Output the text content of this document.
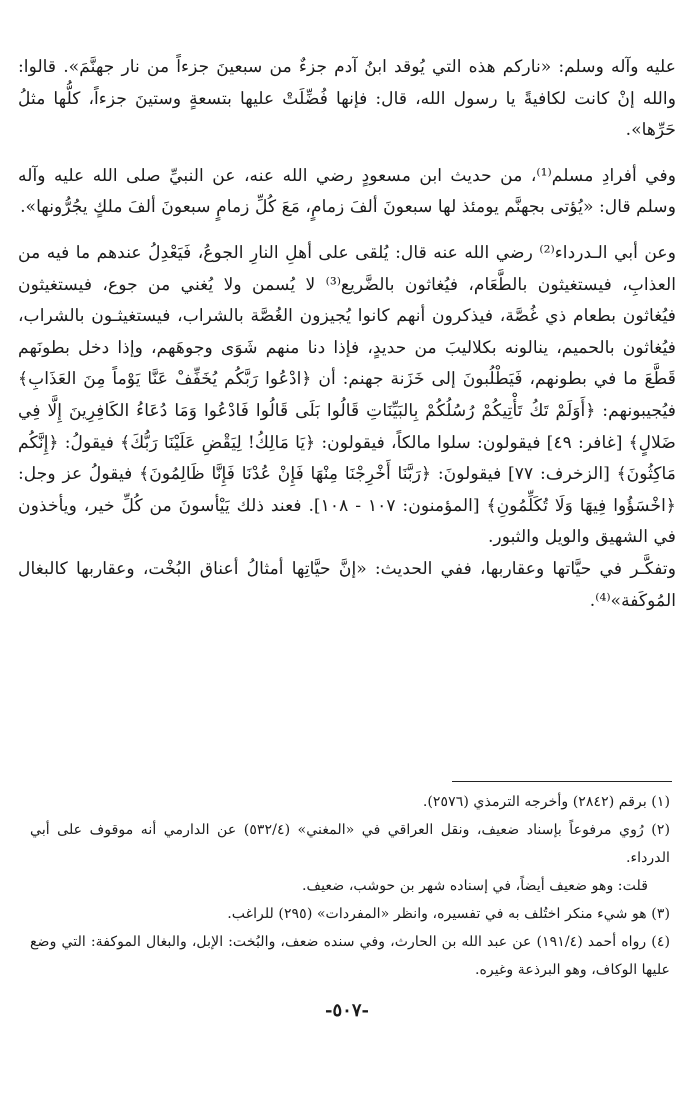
عليه وآله وسلم: «ناركم هذه التي يُوقد ابنُ آدم جزءٌ من سبعينَ جزءاً من نار جهنَّمَ». قالوا: والله إنْ كانت لكافيةً يا رسول الله، قال: فإنها فُضِّلَتْ عليها بتسعةٍ وستينَ جزءاً، كلُّها مثلُ حَرِّها».

وفي أفرادِ مسلم⁽¹⁾، من حديث ابن مسعودٍ رضي الله عنه، عن النبيِّ صلى الله عليه وآله وسلم قال: «يُؤتى بجهنَّم يومئذ لها سبعونَ ألفَ زمامٍ، مَعَ كُلِّ زمامٍ سبعونَ ألفَ ملكٍ يجُرُّونها».

وعن أبي الـدرداء⁽²⁾ رضي الله عنه قال: يُلقى على أهلِ النارِ الجوعُ، فَيَعْدِلُ عندهم ما فيه من العذابِ، فيستغيثون بالطَّعَام، فيُغاثون بالضَّريع⁽³⁾ لا يُسمن ولا يُغني من جوع، فيستغيثون فيُغاثون بطعام ذي غُصَّة، فيذكرون أنهم كانوا يُجيزون الغُصَّة بالشراب، فيستغيثـون بالشراب، فيُغاثون بالحميم، ينالونه بكلاليبَ من حديدٍ، فإذا دنا منهم شَوَى وجوهَهم، وإذا دخل بطونَهم قَطَّعَ ما في بطونهم، فَيَطْلُبونَ إلى خَزَنة جهنم: أن ﴿ادْعُوا رَبَّكُم يُخَفِّفْ عَنَّا يَوْماً مِنَ العَذَابِ﴾ فيُجيبونهم: ﴿أَوَلَمْ تَكُ تَأْتِيكُمْ رُسُلُكُمْ بِالبَيِّنَاتِ قَالُوا بَلَى قَالُوا فَادْعُوا وَمَا دُعَاءُ الكَافِرِينَ إِلَّا فِي ضَلالٍ﴾ [غافر: ٤٩] فيقولون: سلوا مالكاً، فيقولون: ﴿يَا مَالِكُ! لِيَقْضِ عَلَيْنَا رَبُّكَ﴾ فيقولُ: ﴿إِنَّكُم مَاكِثُونَ﴾ [الزخرف: ٧٧] فيقولونَ: ﴿رَبَّنَا أَخْرِجْنَا مِنْهَا فَإِنْ عُدْنَا فَإِنَّا ظَالِمُونَ﴾ فيقولُ عز وجل: ﴿اخْسَؤُوا فِيهَا وَلَا تُكَلِّمُونِ﴾ [المؤمنون: ١٠٧ - ١٠٨]. فعند ذلك يَيْأسونَ من كُلِّ خير، ويأخذون في الشهيق والويل والثبور.

وتفكَّـر في حيَّاتها وعقاربها، ففي الحديث: «إنَّ حيَّاتِها أمثالُ أعناق البُخْت، وعقاربها كالبغال المُوكَفة»⁽⁴⁾.

(١) برقم (٢٨٤٢) وأخرجه الترمذي (٢٥٧٦).

(٢) رُوي مرفوعاً بإسناد ضعيف، ونقل العراقي في «المغني» (٥٣٢/٤) عن الدارمي أنه موقوف على أبي الدرداء.

قلت: وهو ضعيف أيضاً، في إسناده شهر بن حوشب، ضعيف.

(٣) هو شيء منكر اختُلف به في تفسيره، وانظر «المفردات» (٢٩٥) للراغب.

(٤) رواه أحمد (١٩١/٤) عن عبد الله بن الحارث، وفي سنده ضعف، والبُخت: الإبل، والبغال الموكفة: التي وضع عليها الوكاف، وهو البرذعة وغيره.

-٥٠٧-
